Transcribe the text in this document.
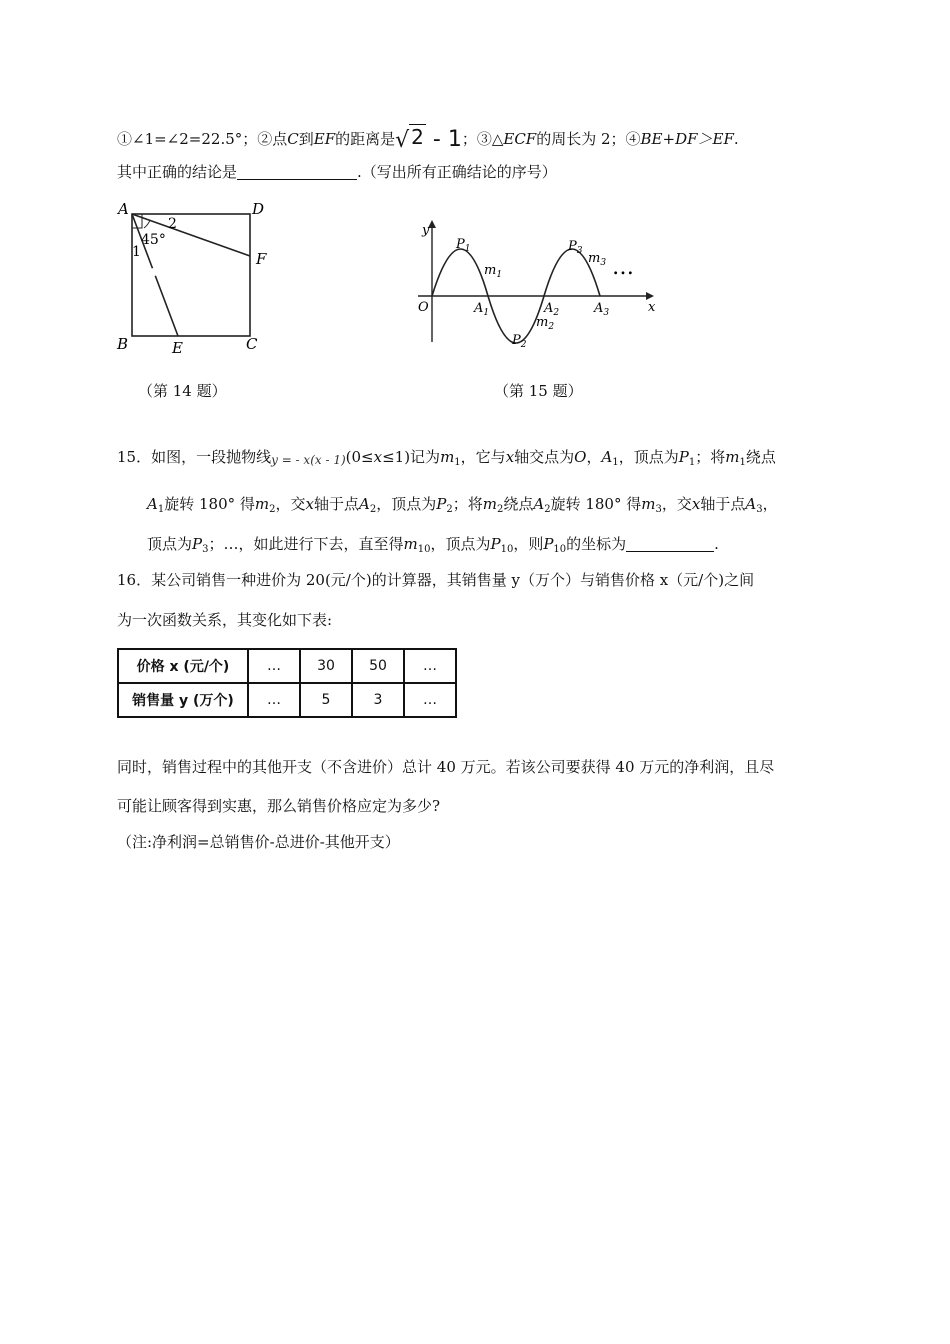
①∠1=∠2=22.5°；②点C到EF的距离是√ 2 - 1；③△ECF的周长为 2；④BE+DF＞EF.
其中正确的结论是	.（写出所有正确结论的序号）
A	D
F
B	E	C
1
2
45°
y
x
O
$P_1$
$m_1$
$A_1$
$P_3$ $m_3$
$A_2$
$m_2$
$P_2$
$A_3$
…
（第 14 题）	（第 15 题）
15．如图，一段抛物线y = - x(x - 1)(0≤x≤1)记为$m_1$，它与x轴交点为O，$A_1$，顶点为$P_1$；将$m_1$绕点
$A_1$旋转 180° 得$m_2$，交x轴于点$A_2$，顶点为$P_2$；将$m_2$绕点$A_2$旋转 180° 得$m_3$，交x轴于点$A_3$，
顶点为$P_3$；…，如此进行下去，直至得$m_{10}$，顶点为$P_{10}$，则$P_{10}$的坐标为	.
16．某公司销售一种进价为 20(元/个)的计算器，其销售量 y（万个）与销售价格 x（元/个)之间
为一次函数关系，其变化如下表:
价格 x (元/个)	…	30	50	…
销售量 y (万个)	…	5	3	…
同时，销售过程中的其他开支（不含进价）总计 40 万元。若该公司要获得 40 万元的净利润，且尽
可能让顾客得到实惠，那么销售价格应定为多少?
（注:净利润=总销售价-总进价-其他开支）
